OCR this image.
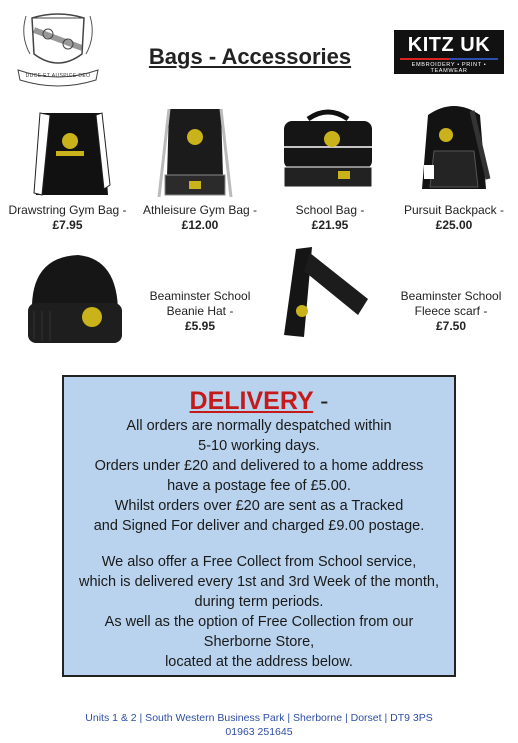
DUCE ET AUSPICE DEO
Bags - Accessories	KITZ UK
EMBROIDERY • PRINT • TEAMWEAR
Drawstring Gym Bag -
£7.95
Athleisure Gym Bag -
£12.00
School Bag -
£21.95
Pursuit Backpack -
£25.00
Beaminster School
Beanie Hat -
£5.95
Beaminster School
Fleece scarf -
£7.50
DELIVERY -
All orders are normally despatched within
5-10 working days.
Orders under £20 and delivered to a home address
have a postage fee of £5.00.
Whilst orders over £20 are sent as a Tracked
and Signed For deliver and charged £9.00 postage.
We also offer a Free Collect from School service,
which is delivered every 1st and 3rd Week of the month,
during term periods.
As well as the option of Free Collection from our
Sherborne Store,
located at the address below.
Units 1 & 2 | South Western Business Park | Sherborne | Dorset | DT9 3PS
01963 251645
